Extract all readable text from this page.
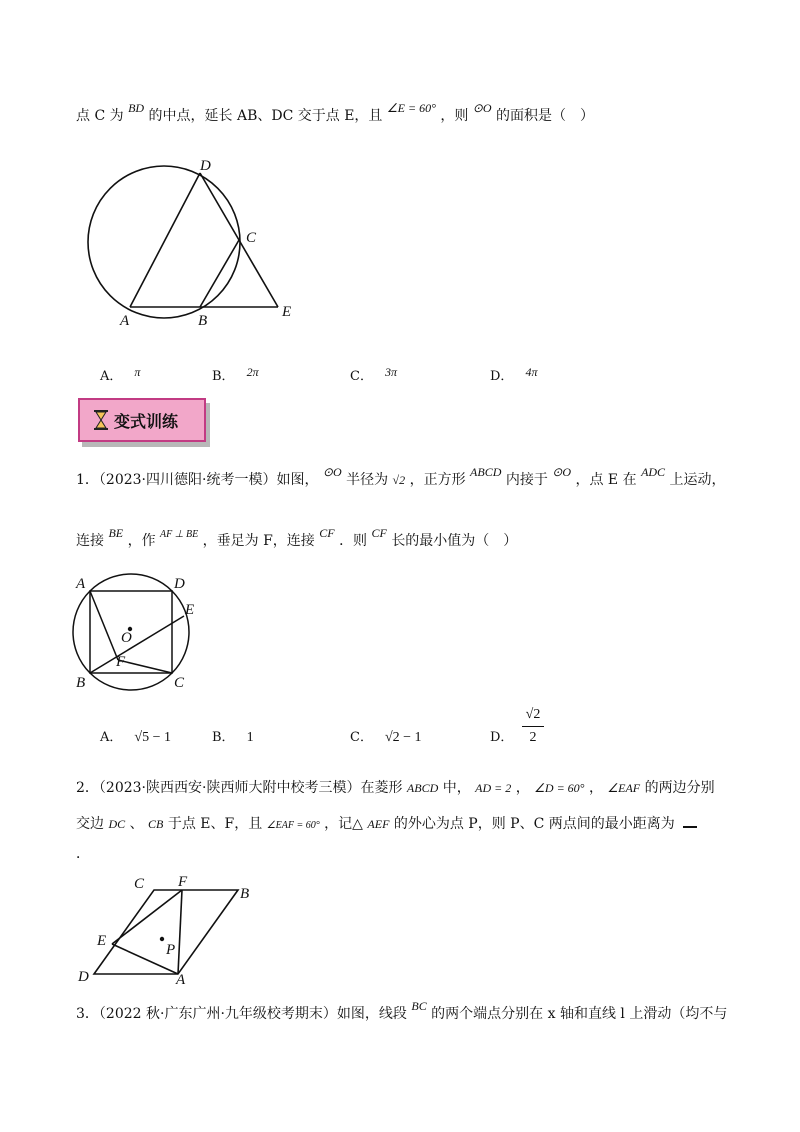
点 C 为 BD 的中点，延长 AB、DC 交于点 E，且 ∠E = 60° ，则 ⊙O 的面积是（　）
D
C
A	B
E
A． π	B． 2π	C． 3π	D． 4π
变式训练
1．（2023·四川德阳·统考一模）如图， ⊙O 半径为 √2 ，正方形 ABCD 内接于 ⊙O ，点 E 在 ADC 上运动，
连接 BE ，作 $^{AF \perp BE}$ ，垂足为 F，连接 CF ．则 CF 长的最小值为（　）
A	D
E
O
F
B	C
A． √5 − 1	B． 1	C． √2 − 1	D．
√2
2
2．（2023·陕西西安·陕西师大附中校考三模）在菱形 ABCD 中， AD = 2 ， ∠D = 60° ， ∠EAF 的两边分别
交边 DC 、 CB 于点 E、F，且 ∠EAF = 60° ，记△ AEF 的外心为点 P，则 P、C 两点间的最小距离为
．
C F
B
E
P
D	A
3．（2022 秋·广东广州·九年级校考期末）如图，线段 BC 的两个端点分别在 x 轴和直线 l 上滑动（均不与
